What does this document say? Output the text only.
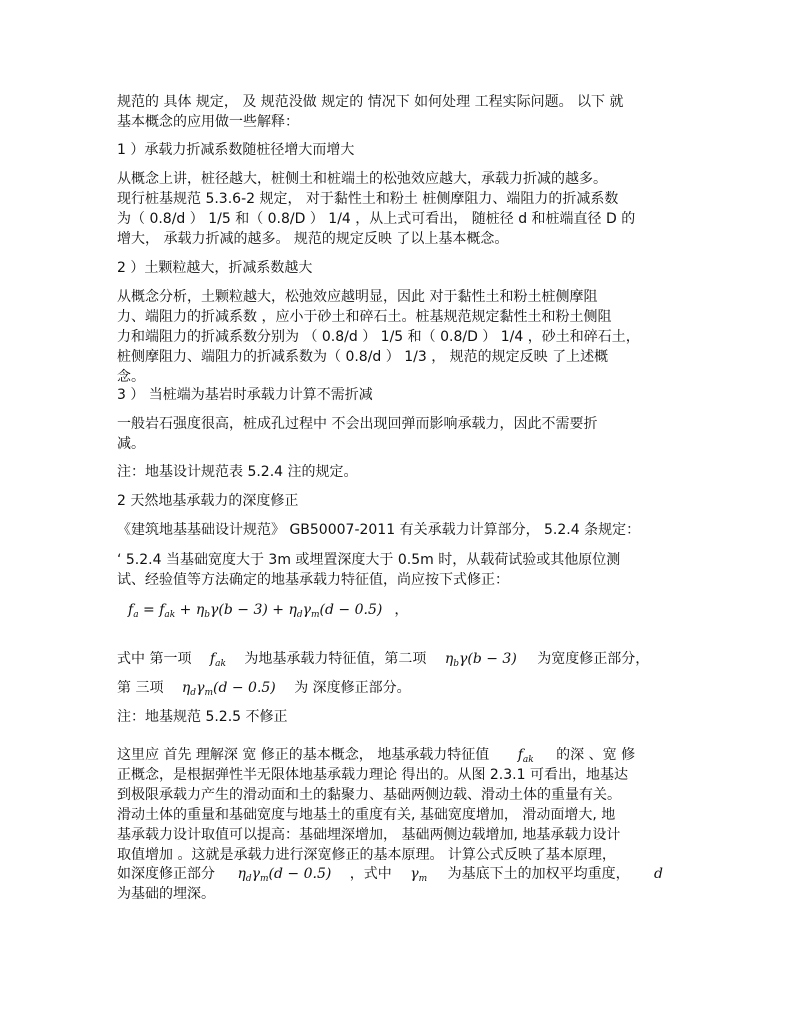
规范的 具体 规定， 及 规范没做 规定的 情况下 如何处理 工程实际问题。 以下 就

基本概念的应用做一些解释：

1 ）承载力折减系数随桩径增大而增大

从概念上讲，桩径越大，桩侧土和桩端土的松弛效应越大，承载力折减的越多。

现行桩基规范 5.3.6-2 规定， 对于黏性土和粉土 桩侧摩阻力、端阻力的折减系数

为（ 0.8/d ） 1/5 和（ 0.8/D ） 1/4 ，从上式可看出， 随桩径 d 和桩端直径 D 的

增大， 承载力折减的越多。 规范的规定反映 了以上基本概念。

2 ）土颗粒越大，折减系数越大

从概念分析，土颗粒越大，松弛效应越明显，因此 对于黏性土和粉土桩侧摩阻

力、端阻力的折减系数 ，应小于砂土和碎石土。桩基规范规定黏性土和粉土侧阻

力和端阻力的折减系数分别为 （ 0.8/d ） 1/5 和（ 0.8/D ） 1/4 ，砂土和碎石土，

桩侧摩阻力、端阻力的折减系数为（ 0.8/d ） 1/3 ， 规范的规定反映 了上述概

念。

3 ） 当桩端为基岩时承载力计算不需折减

一般岩石强度很高，桩成孔过程中 不会出现回弹而影响承载力，因此不需要折

减。

注：地基设计规范表 5.2.4 注的规定。
2 天然地基承载力的深度修正
《建筑地基基础设计规范》 GB50007-2011 有关承载力计算部分， 5.2.4 条规定：

‘ 5.2.4 当基础宽度大于 3m 或埋置深度大于 0.5m 时，从载荷试验或其他原位测

试、经验值等方法确定的地基承载力特征值，尚应按下式修正：

$f_a = f_{ak} + \eta_b\gamma(b - 3) + \eta_d\gamma_m(d - 0.5)$ ，
式中 第一项 $f_{ak}$ 为地基承载力特征值，第二项 $\eta_b\gamma(b - 3)$ 为宽度修正部分，
第 三项 $\eta_d\gamma_m(d - 0.5)$ 为 深度修正部分。
注：地基规范 5.2.5 不修正
这里应 首先 理解深 宽 修正的基本概念， 地基承载力特征值 $f_{ak}$ 的深 、宽 修

正概念，是根据弹性半无限体地基承载力理论 得出的。从图 2.3.1 可看出，地基达

到极限承载力产生的滑动面和土的黏聚力、基础两侧边载、滑动土体的重量有关。

滑动土体的重量和基础宽度与地基土的重度有关, 基础宽度增加， 滑动面增大, 地

基承载力设计取值可以提高：基础埋深增加， 基础两侧边载增加, 地基承载力设计

取值增加 。这就是承载力进行深宽修正的基本原理。 计算公式反映了基本原理，

如深度修正部分 $\eta_d\gamma_m(d - 0.5)$ ，式中 $\gamma_m$ 为基底下土的加权平均重度， d
为基础的埋深。
